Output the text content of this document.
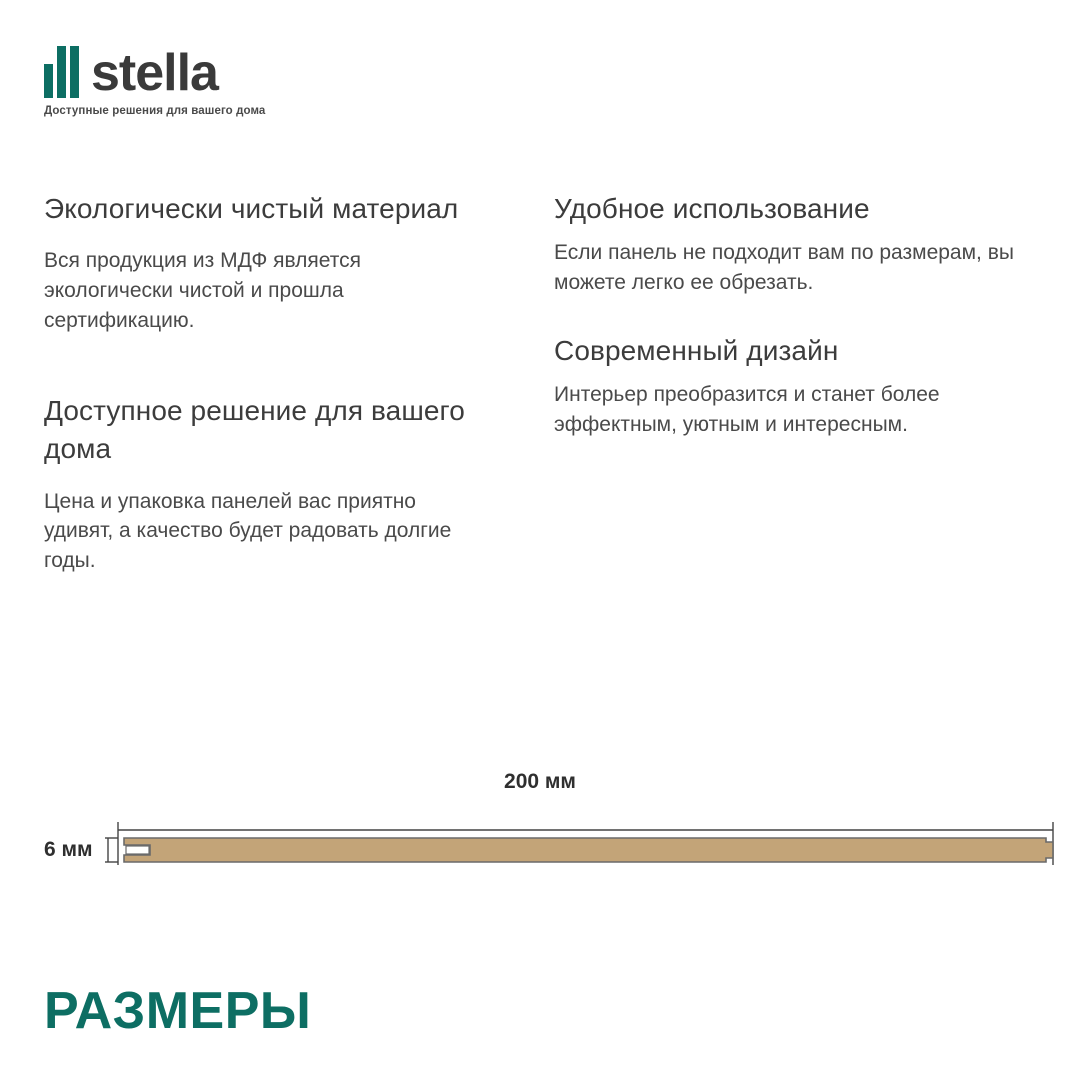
stella
Доступные решения для вашего дома
Экологически чистый материал

Вся продукция из МДФ является экологически чистой и прошла сертификацию.

Доступное решение для вашего дома

Цена и упаковка панелей вас приятно удивят, а качество будет радовать долгие годы.

Удобное использование

Если панель не подходит вам по размерам, вы можете легко ее обрезать.

Современный дизайн

Интерьер преобразится и станет более эффектным, уютным и интересным.

200 мм
6 мм
РАЗМЕРЫ
